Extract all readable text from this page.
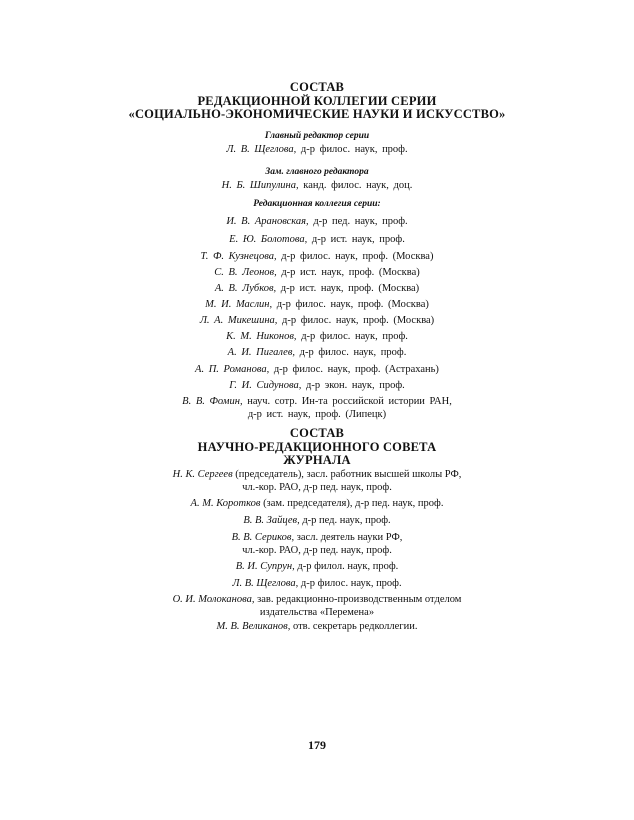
СОСТАВ
РЕДАКЦИОННОЙ КОЛЛЕГИИ СЕРИИ
«СОЦИАЛЬНО-ЭКОНОМИЧЕСКИЕ НАУКИ И ИСКУССТВО»
Главный редактор серии
Л. В. Щеглова, д-р филос. наук, проф.
Зам. главного редактора
Н. Б. Шипулина, канд. филос. наук, доц.
Редакционная коллегия серии:
И. В. Арановская, д-р пед. наук, проф.
Е. Ю. Болотова, д-р ист. наук, проф.
Т. Ф. Кузнецова, д-р филос. наук, проф. (Москва)
С. В. Леонов, д-р ист. наук, проф. (Москва)
А. В. Лубков, д-р ист. наук, проф. (Москва)
М. И. Маслин, д-р филос. наук, проф. (Москва)
Л. А. Микешина, д-р филос. наук, проф. (Москва)
К. М. Никонов, д-р филос. наук, проф.
А. И. Пигалев, д-р филос. наук, проф.
А. П. Романова, д-р филос. наук, проф. (Астрахань)
Г. И. Сидунова, д-р экон. наук, проф.
В. В. Фомин, науч. сотр. Ин-та российской истории РАН,
д-р ист. наук, проф. (Липецк)
СОСТАВ
НАУЧНО-РЕДАКЦИОННОГО СОВЕТА
ЖУРНАЛА
Н. К. Сергеев (председатель), засл. работник высшей школы РФ,
чл.-кор. РАО, д-р пед. наук, проф.
А. М. Коротков (зам. председателя), д-р пед. наук, проф.
В. В. Зайцев, д-р пед. наук, проф.
В. В. Сериков, засл. деятель науки РФ,
чл.-кор. РАО, д-р пед. наук, проф.
В. И. Супрун, д-р филол. наук, проф.
Л. В. Щеглова, д-р филос. наук, проф.
О. И. Молоканова, зав. редакционно-производственным отделом
издательства «Перемена»
М. В. Великанов, отв. секретарь редколлегии.
179
